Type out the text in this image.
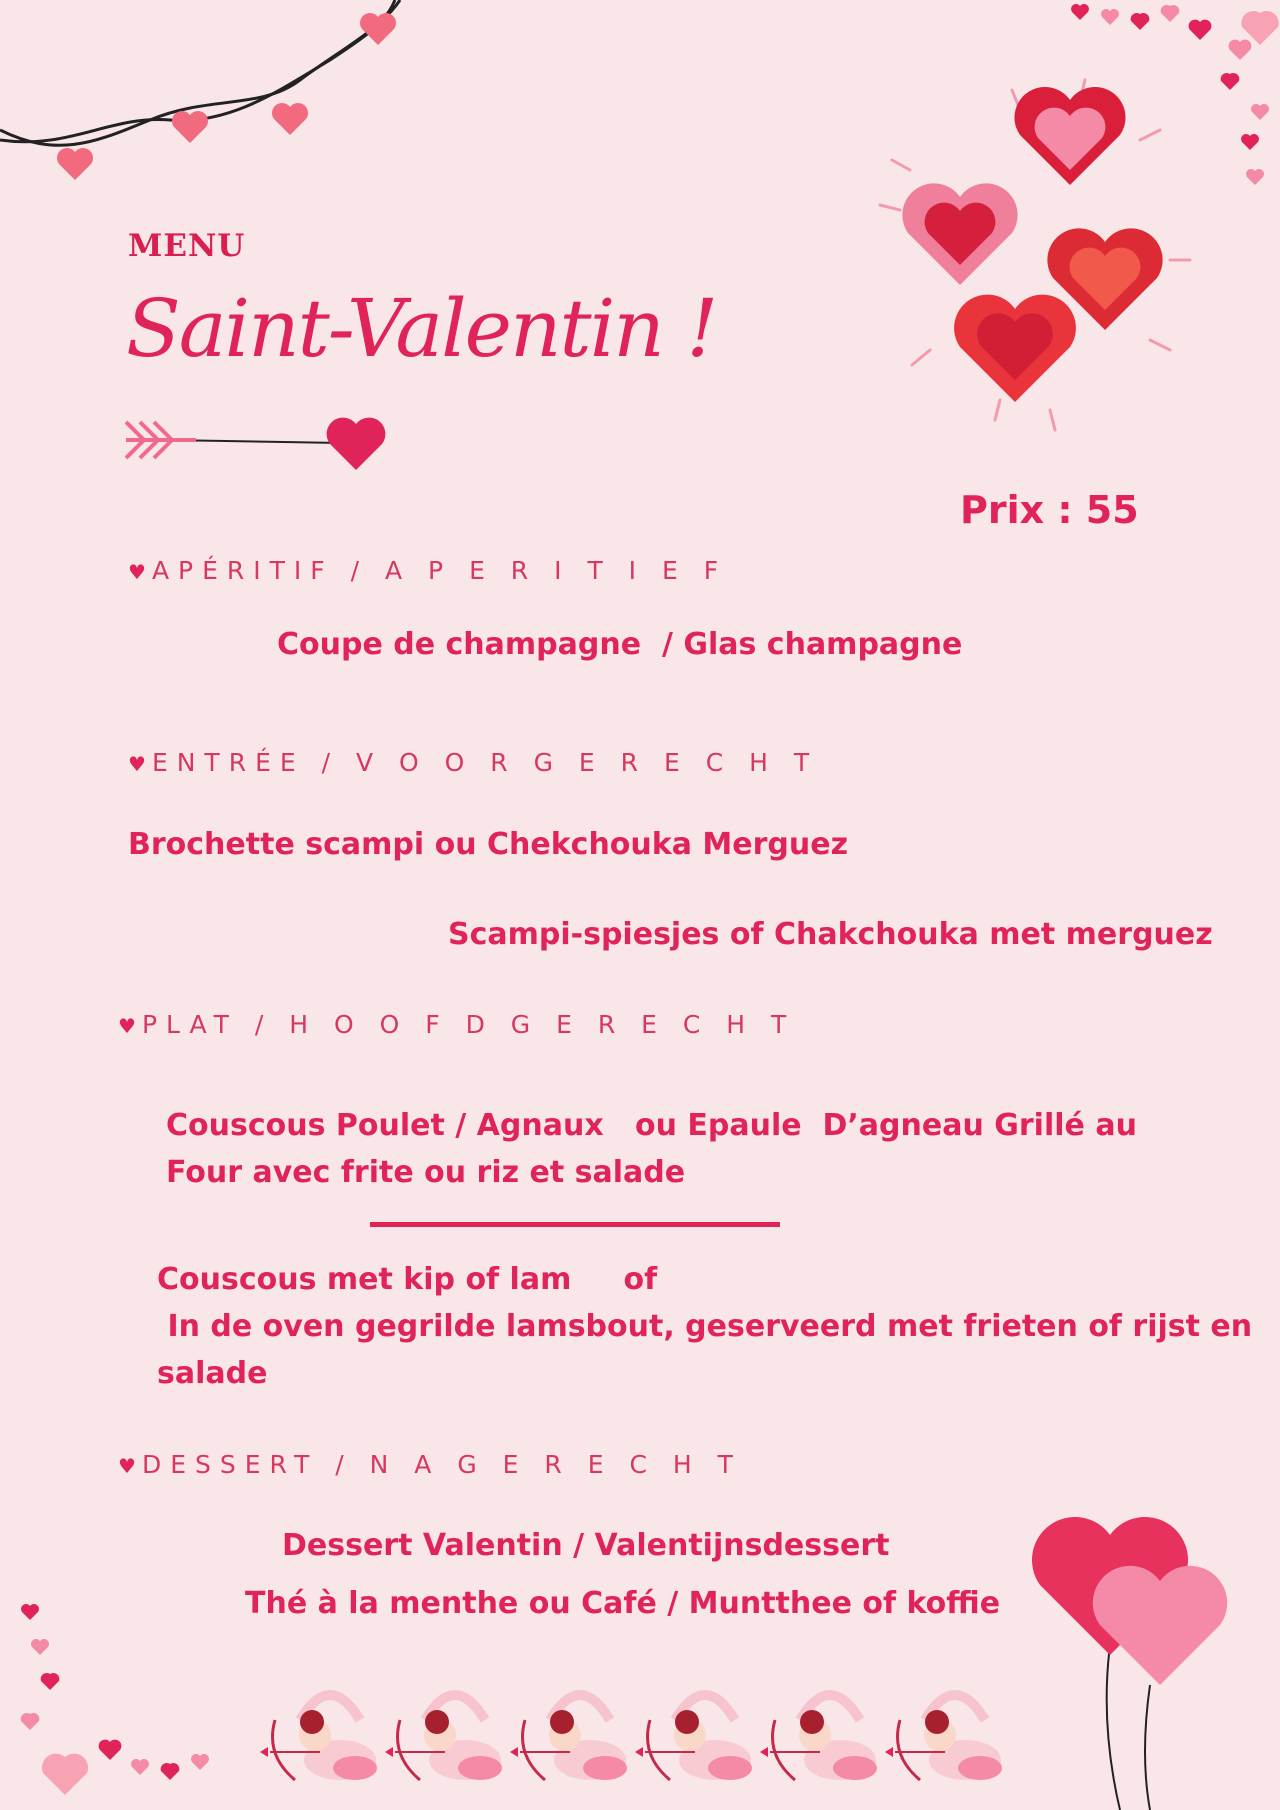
MENU
Saint-Valentin !
Prix : 55
♥ APÉRITIF / A P E R I T I E F
Coupe de champagne  / Glas champagne
♥ ENTRÉE / V O O R G E R E C H T
Brochette scampi ou Chekchouka Merguez
Scampi-spiesjes of Chakchouka met merguez
♥ PLAT / H O O F D G E R E C H T
Couscous Poulet / Agnaux   ou Epaule  D’agneau Grillé au
Four avec frite ou riz et salade
Couscous met kip of lam     of
In de oven gegrilde lamsbout, geserveerd met frieten of rijst en
salade
♥ DESSERT / N A G E R E C H T
Dessert Valentin / Valentijnsdessert
Thé à la menthe ou Café / Muntthee of koffie
